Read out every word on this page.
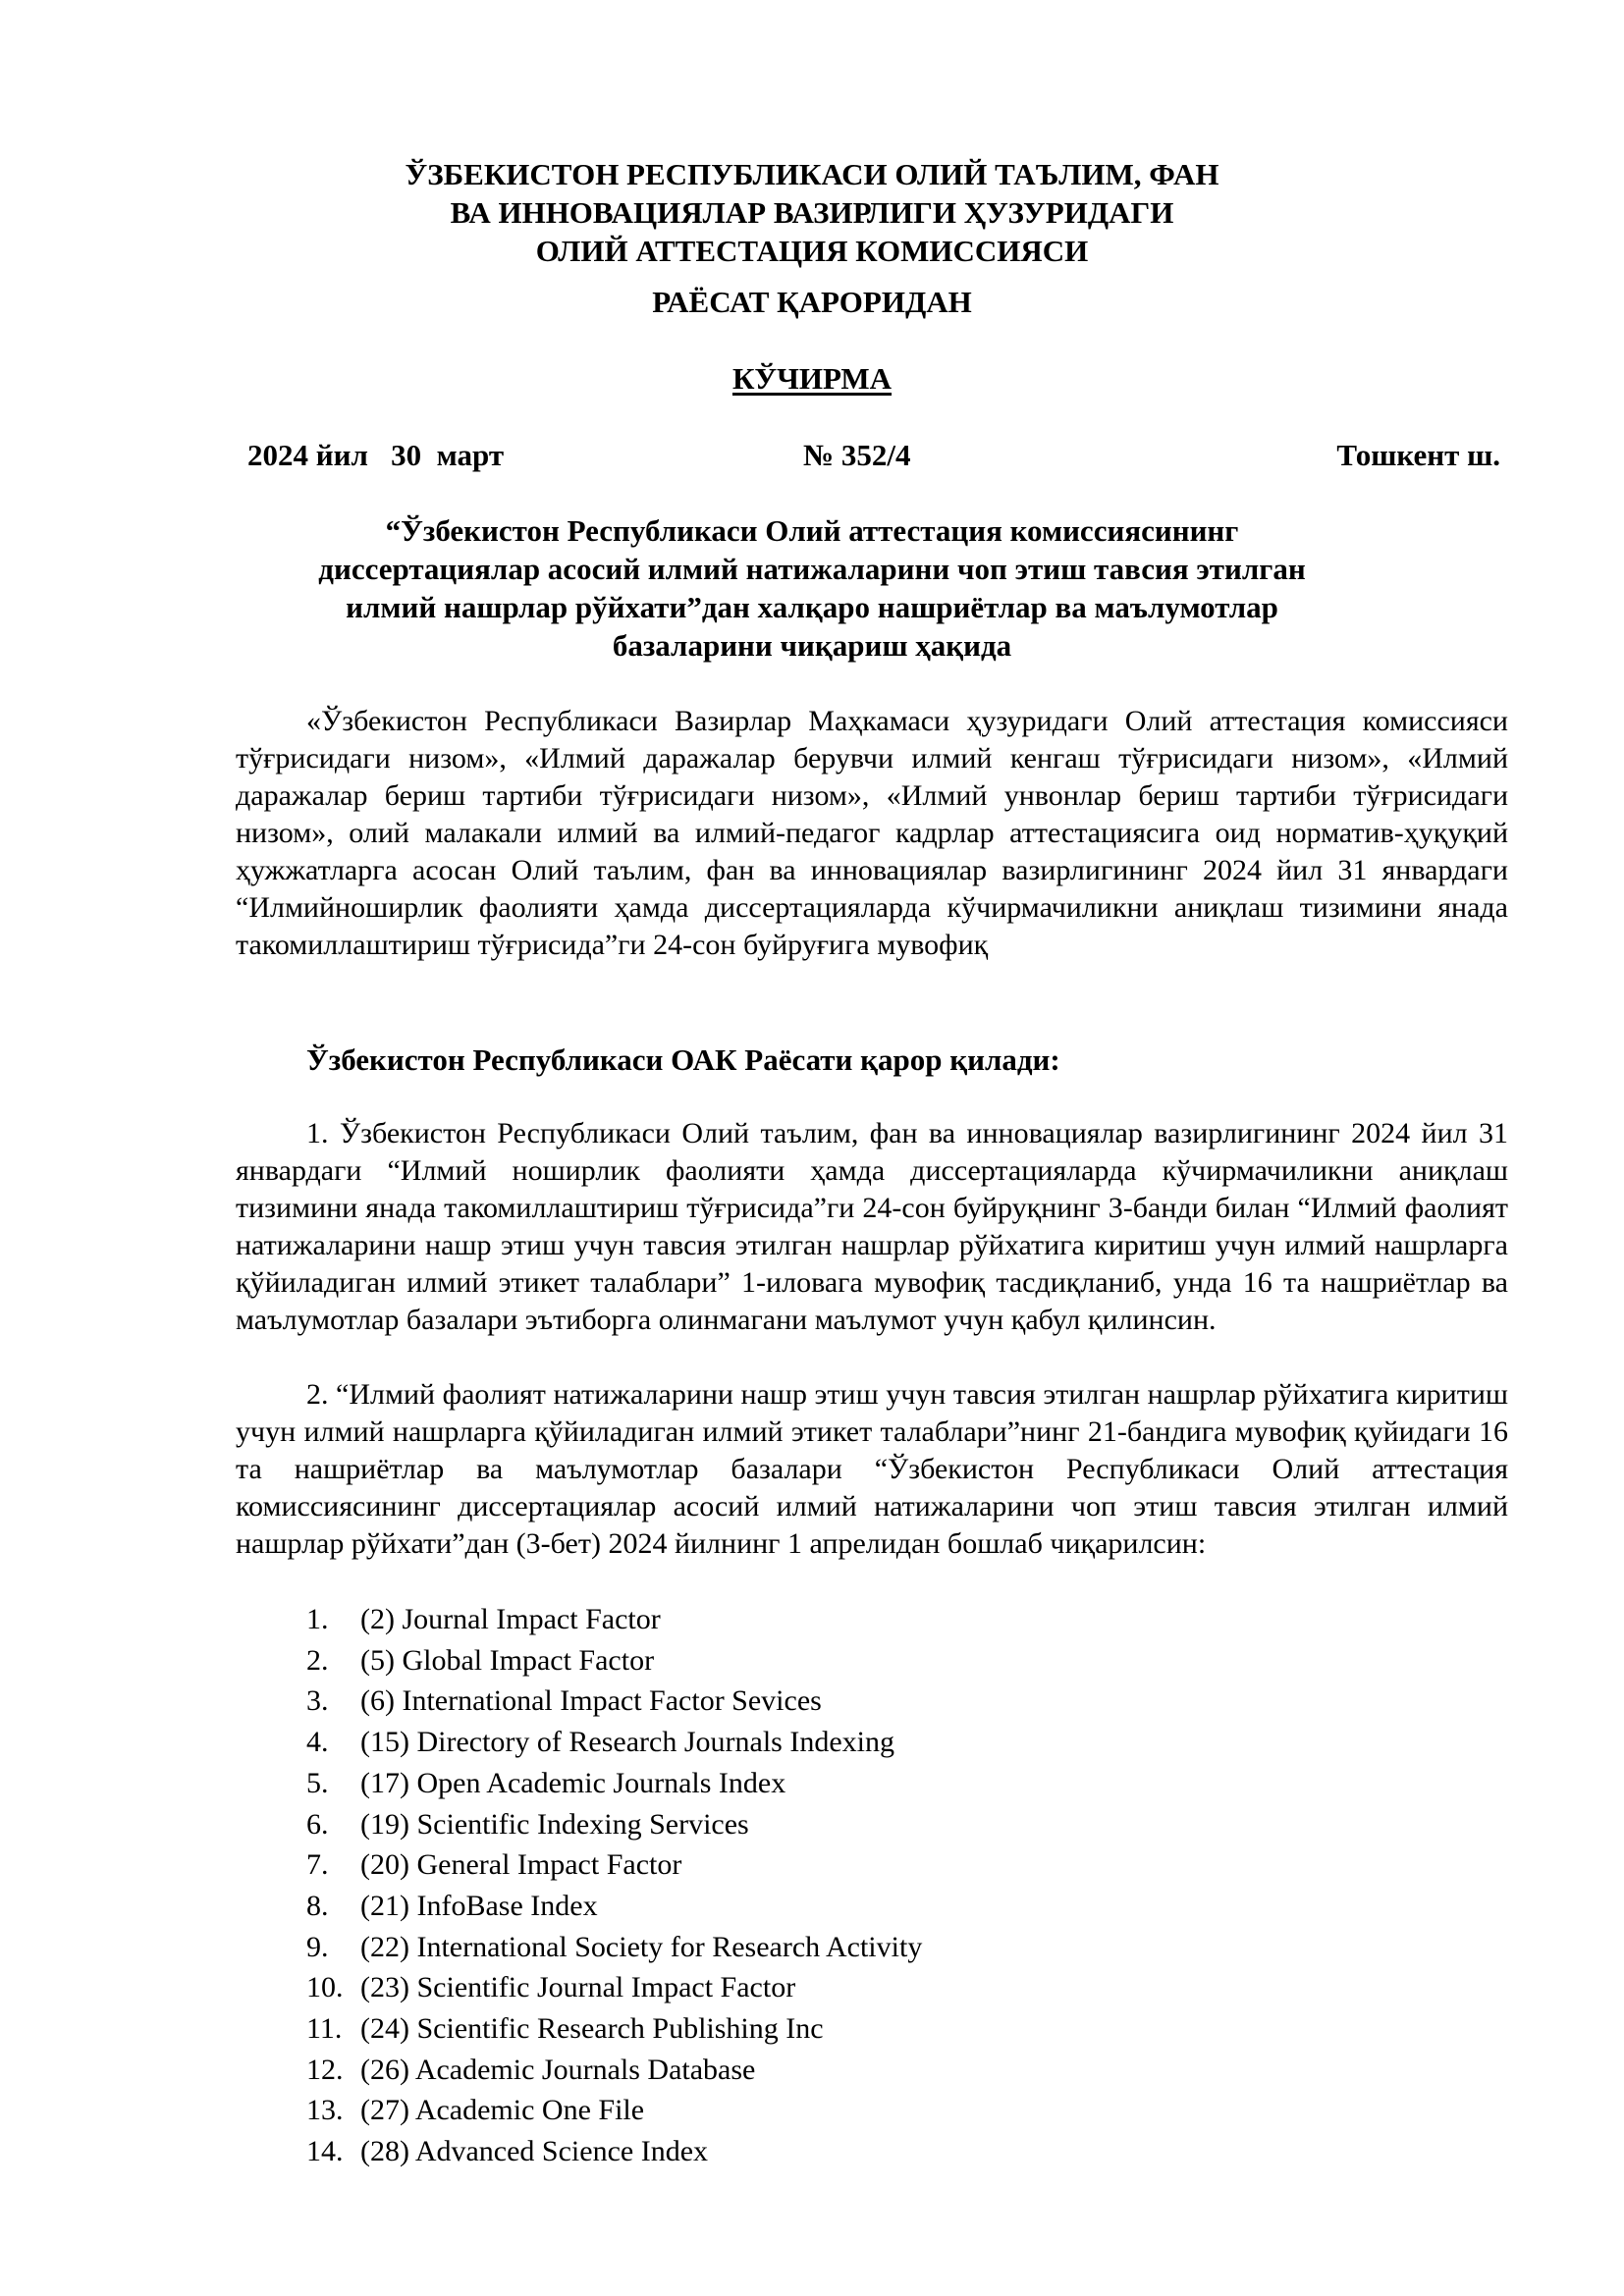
ЎЗБЕКИСТОН РЕСПУБЛИКАСИ ОЛИЙ ТАЪЛИМ, ФАН
ВА ИННОВАЦИЯЛАР ВАЗИРЛИГИ ҲУЗУРИДАГИ
ОЛИЙ АТТЕСТАЦИЯ КОМИССИЯСИ
РАЁСАТ ҚАРОРИДАН
КЎЧИРМА
2024 йил   30  март	№ 352/4	Тошкент ш.
“Ўзбекистон Республикаси Олий аттестация комиссиясининг
диссертациялар асосий илмий натижаларини чоп этиш тавсия этилган
илмий нашрлар рўйхати”дан халқаро нашриётлар ва маълумотлар
базаларини чиқариш ҳақида

«Ўзбекистон Республикаси Вазирлар Маҳкамаси ҳузуридаги Олий аттестация комиссияси тўғрисидаги низом», «Илмий даражалар берувчи илмий кенгаш тўғрисидаги низом», «Илмий даражалар бериш тартиби тўғрисидаги низом», «Илмий унвонлар бериш тартиби тўғрисидаги низом», олий малакали илмий ва илмий-педагог кадрлар аттестациясига оид норматив-ҳуқуқий ҳужжатларга асосан Олий таълим, фан ва инновациялар вазирлигининг 2024 йил 31 январдаги “Илмийноширлик фаолияти ҳамда диссертацияларда кўчирмачиликни аниқлаш тизимини янада такомиллаштириш тўғрисида”ги 24-сон буйруғига мувофиқ

Ўзбекистон Республикаси ОАК Раёсати қарор қилади:

1. Ўзбекистон Республикаси Олий таълим, фан ва инновациялар вазирлигининг 2024 йил 31 январдаги “Илмий ноширлик фаолияти ҳамда диссертацияларда кўчирмачиликни аниқлаш тизимини янада такомиллаштириш тўғрисида”ги 24-сон буйруқнинг 3-банди билан “Илмий фаолият натижаларини нашр этиш учун тавсия этилган нашрлар рўйхатига киритиш учун илмий нашрларга қўйиладиган илмий этикет талаблари” 1-иловага мувофиқ тасдиқланиб, унда 16 та нашриётлар ва маълумотлар базалари эътиборга олинмагани маълумот учун қабул қилинсин.

2. “Илмий фаолият натижаларини нашр этиш учун тавсия этилган нашрлар рўйхатига киритиш учун илмий нашрларга қўйиладиган илмий этикет талаблари”нинг 21-бандига мувофиқ қуйидаги 16 та нашриётлар ва маълумотлар базалари “Ўзбекистон Республикаси Олий аттестация комиссиясининг диссертациялар асосий илмий натижаларини чоп этиш тавсия этилган илмий нашрлар рўйхати”дан (3-бет) 2024 йилнинг 1 апрелидан бошлаб чиқарилсин:

1. (2) Journal Impact Factor
2. (5) Global Impact Factor
3. (6) International Impact Factor Sevices
4. (15) Directory of Research Journals Indexing
5. (17) Open Academic Journals Index
6. (19) Scientific Indexing Services
7. (20) General Impact Factor
8. (21) InfoBase Index
9. (22) International Society for Research Activity
10. (23) Scientific Journal Impact Factor
11. (24) Scientific Research Publishing Inc
12. (26) Academic Journals Database
13. (27) Academic One File
14. (28) Advanced Science Index
